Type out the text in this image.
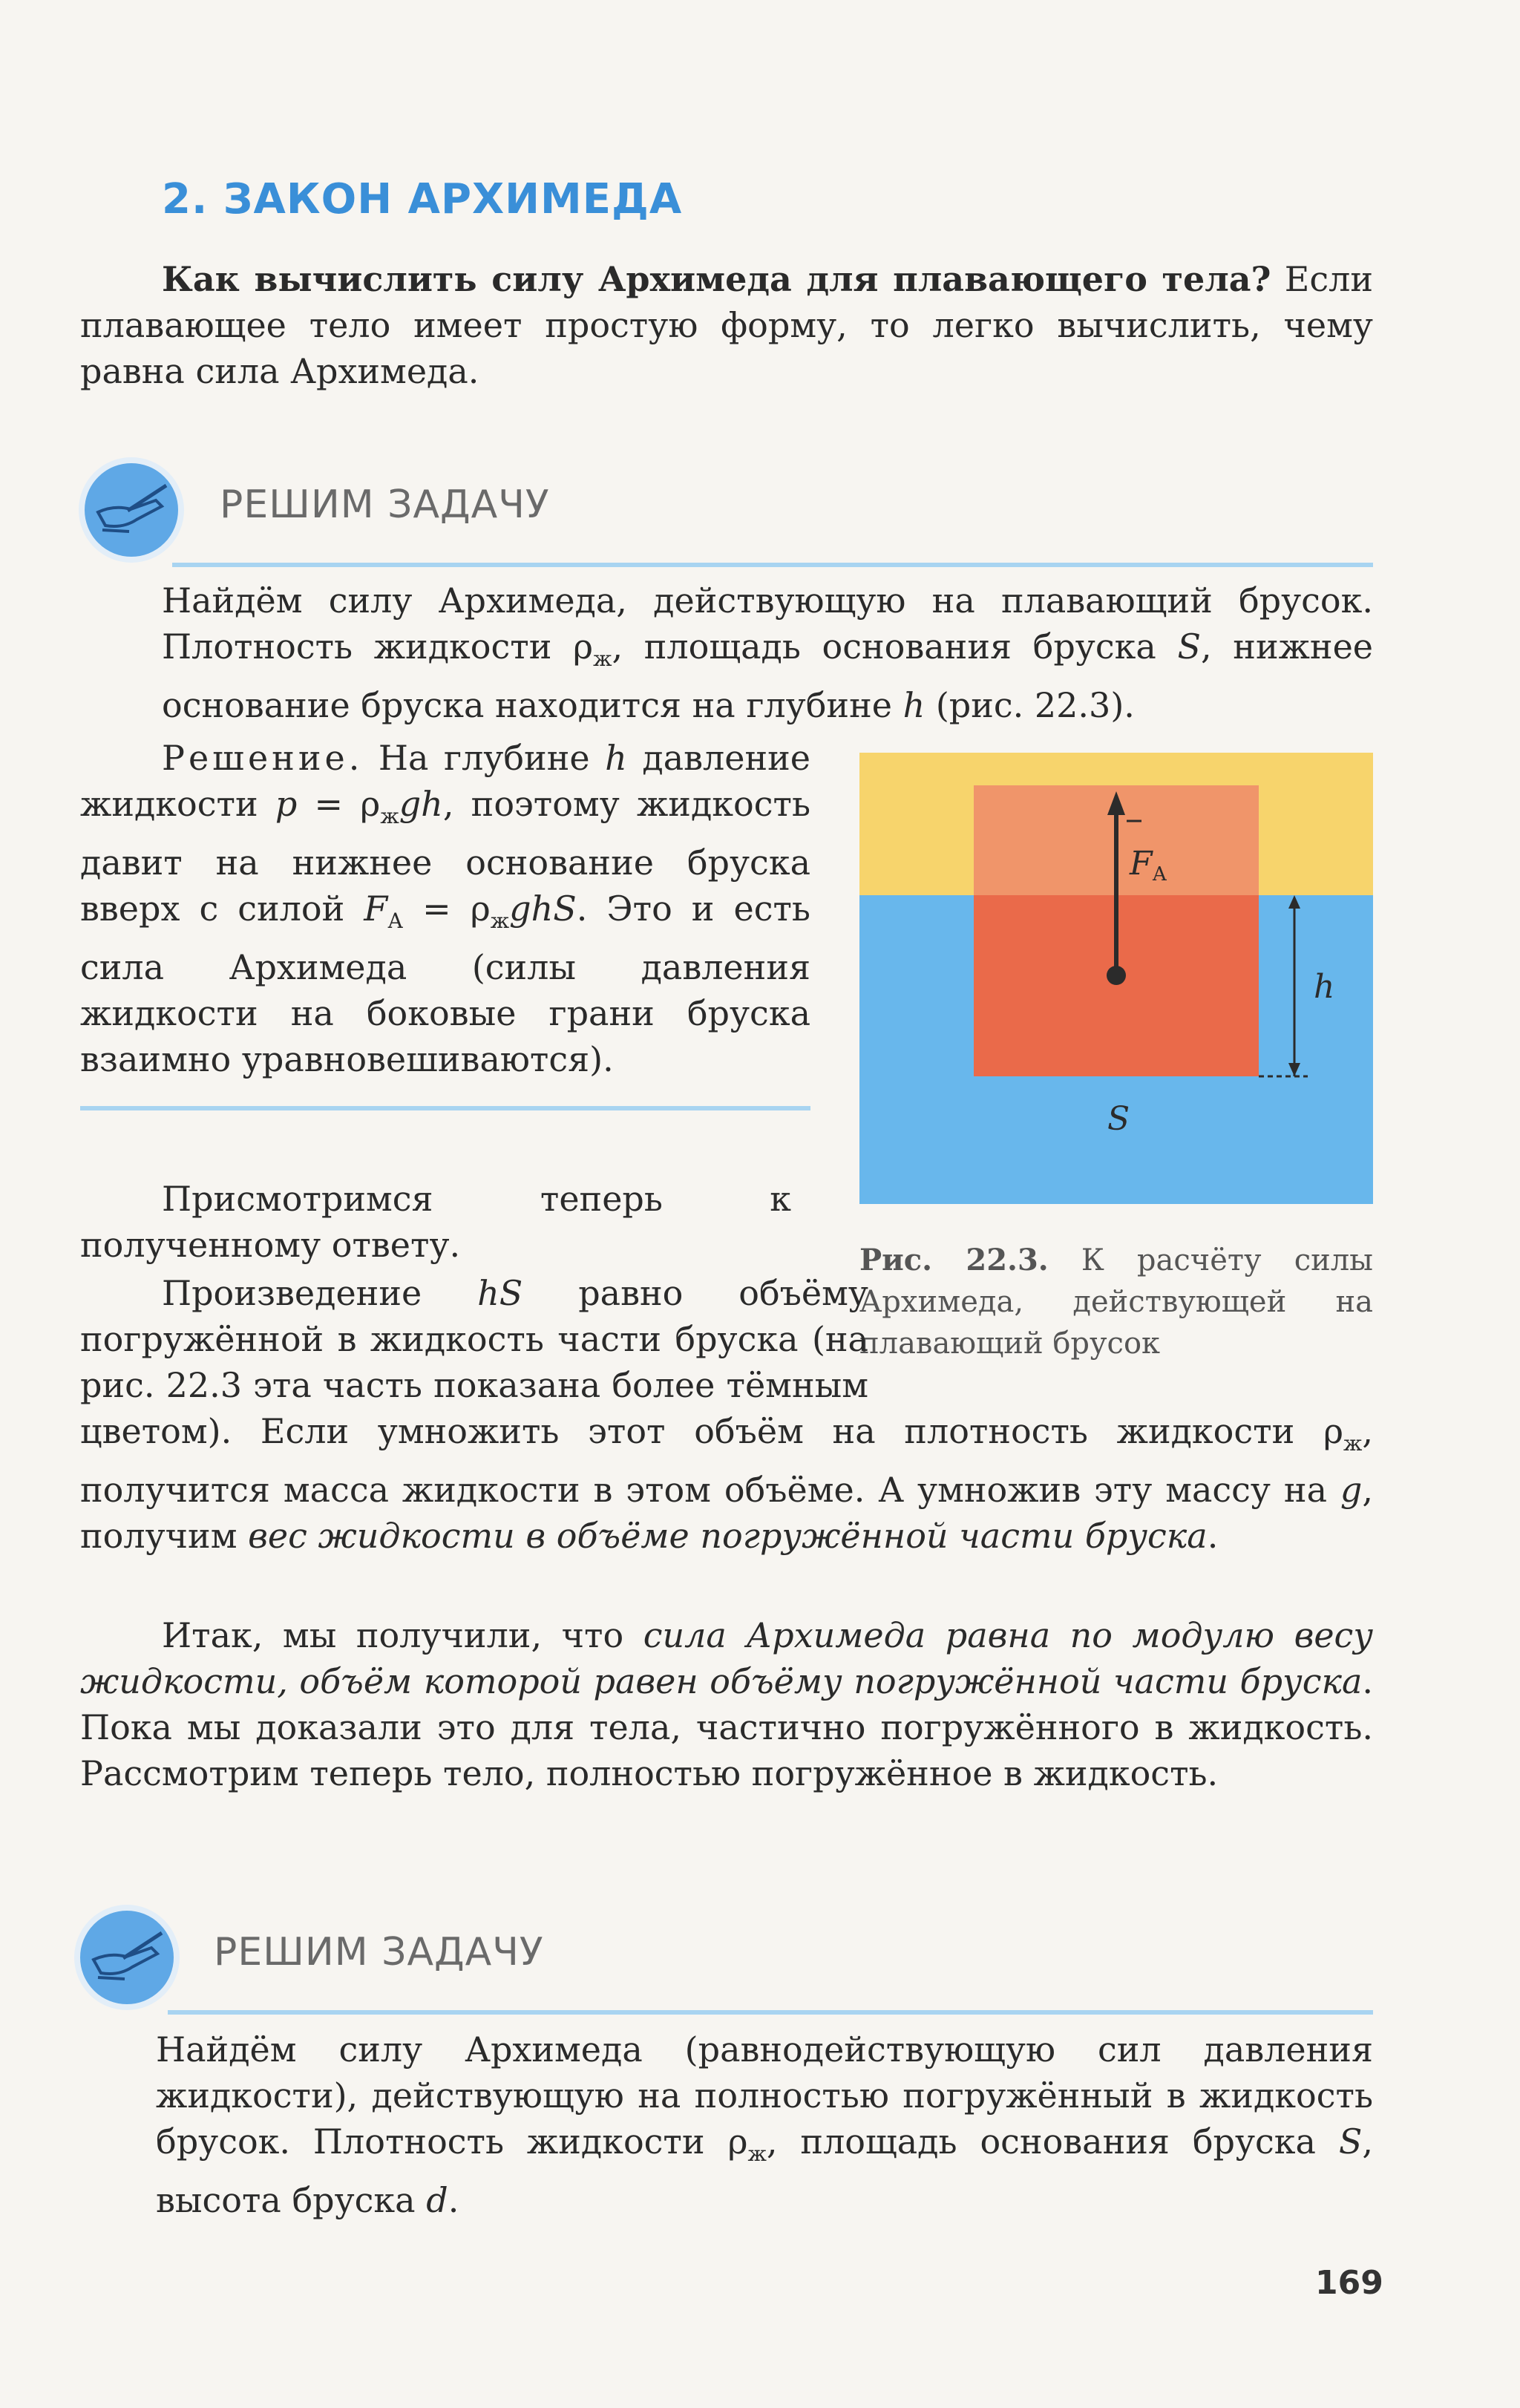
2. ЗАКОН АРХИМЕДА

Как вычислить силу Архимеда для плавающего тела? Если плавающее тело имеет простую форму, то легко вычислить, чему равна сила Архимеда.

РЕШИМ ЗАДАЧУ

Найдём силу Архимеда, действующую на плавающий брусок. Плотность жидкости $\rho_ж$, площадь основания бруска S, нижнее основание бруска находится на глубине h (рис. 22.3).

Решение. На глубине h давление жидкости $p = \rho_жgh$, поэтому жидкость давит на нижнее основание бруска вверх с силой $F_А = \rho_жghS$. Это и есть сила Архимеда (силы давления жидкости на боковые грани бруска взаимно уравновешиваются).

FА
h
S

Рис. 22.3. К расчёту силы Архимеда, действующей на плавающий брусок

Присмотримся теперь к полученному ответу.

Произведение hS равно объёму погружённой в жидкость части бруска (на рис. 22.3 эта часть показана более тёмным цветом). Если умножить этот объём на плотность жидкости $\rho_ж$, получится масса жидкости в этом объёме. А умножив эту массу на g, получим вес жидкости в объёме погружённой части бруска.

Итак, мы получили, что сила Архимеда равна по модулю весу жидкости, объём которой равен объёму погружённой части бруска. Пока мы доказали это для тела, частично погружённого в жидкость. Рассмотрим теперь тело, полностью погружённое в жидкость.

РЕШИМ ЗАДАЧУ

Найдём силу Архимеда (равнодействующую сил давления жидкости), действующую на полностью погружённый в жидкость брусок. Плотность жидкости $\rho_ж$, площадь основания бруска S, высота бруска d.

169
